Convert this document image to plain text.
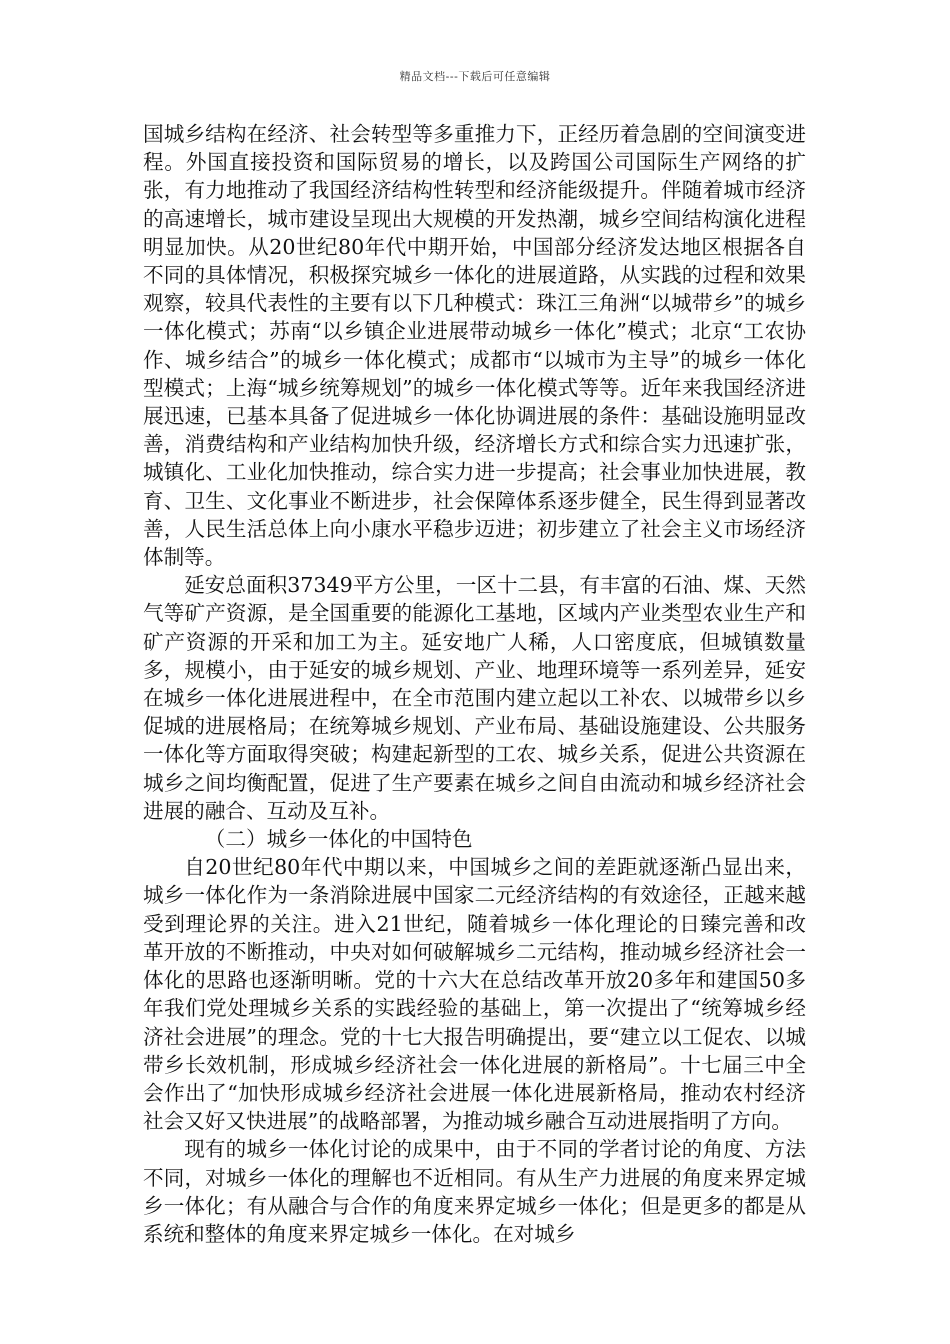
精品文档---下载后可任意编辑

国城乡结构在经济、社会转型等多重推力下，正经历着急剧的空间演变进程。外国直接投资和国际贸易的增长，以及跨国公司国际生产网络的扩张，有力地推动了我国经济结构性转型和经济能级提升。伴随着城市经济的高速增长，城市建设呈现出大规模的开发热潮，城乡空间结构演化进程明显加快。从20世纪80年代中期开始，中国部分经济发达地区根据各自不同的具体情况，积极探究城乡一体化的进展道路，从实践的过程和效果观察，较具代表性的主要有以下几种模式：珠江三角洲“以城带乡”的城乡一体化模式；苏南“以乡镇企业进展带动城乡一体化”模式；北京“工农协作、城乡结合”的城乡一体化模式；成都市“以城市为主导”的城乡一体化型模式；上海“城乡统筹规划”的城乡一体化模式等等。近年来我国经济进展迅速，已基本具备了促进城乡一体化协调进展的条件：基础设施明显改善，消费结构和产业结构加快升级，经济增长方式和综合实力迅速扩张，城镇化、工业化加快推动，综合实力进一步提高；社会事业加快进展，教育、卫生、文化事业不断进步，社会保障体系逐步健全，民生得到显著改善，人民生活总体上向小康水平稳步迈进；初步建立了社会主义市场经济体制等。

延安总面积37349平方公里，一区十二县，有丰富的石油、煤、天然气等矿产资源，是全国重要的能源化工基地，区域内产业类型农业生产和矿产资源的开采和加工为主。延安地广人稀，人口密度底，但城镇数量多，规模小，由于延安的城乡规划、产业、地理环境等一系列差异，延安在城乡一体化进展进程中，在全市范围内建立起以工补农、以城带乡以乡促城的进展格局；在统筹城乡规划、产业布局、基础设施建设、公共服务一体化等方面取得突破；构建起新型的工农、城乡关系，促进公共资源在城乡之间均衡配置，促进了生产要素在城乡之间自由流动和城乡经济社会进展的融合、互动及互补。

（二）城乡一体化的中国特色

自20世纪80年代中期以来，中国城乡之间的差距就逐渐凸显出来，城乡一体化作为一条消除进展中国家二元经济结构的有效途径，正越来越受到理论界的关注。进入21世纪，随着城乡一体化理论的日臻完善和改革开放的不断推动，中央对如何破解城乡二元结构，推动城乡经济社会一体化的思路也逐渐明晰。党的十六大在总结改革开放20多年和建国50多年我们党处理城乡关系的实践经验的基础上，第一次提出了“统筹城乡经济社会进展”的理念。党的十七大报告明确提出，要“建立以工促农、以城带乡长效机制，形成城乡经济社会一体化进展的新格局”。十七届三中全会作出了“加快形成城乡经济社会进展一体化进展新格局，推动农村经济社会又好又快进展”的战略部署，为推动城乡融合互动进展指明了方向。

现有的城乡一体化讨论的成果中，由于不同的学者讨论的角度、方法不同，对城乡一体化的理解也不近相同。有从生产力进展的角度来界定城乡一体化；有从融合与合作的角度来界定城乡一体化；但是更多的都是从系统和整体的角度来界定城乡一体化。在对城乡
